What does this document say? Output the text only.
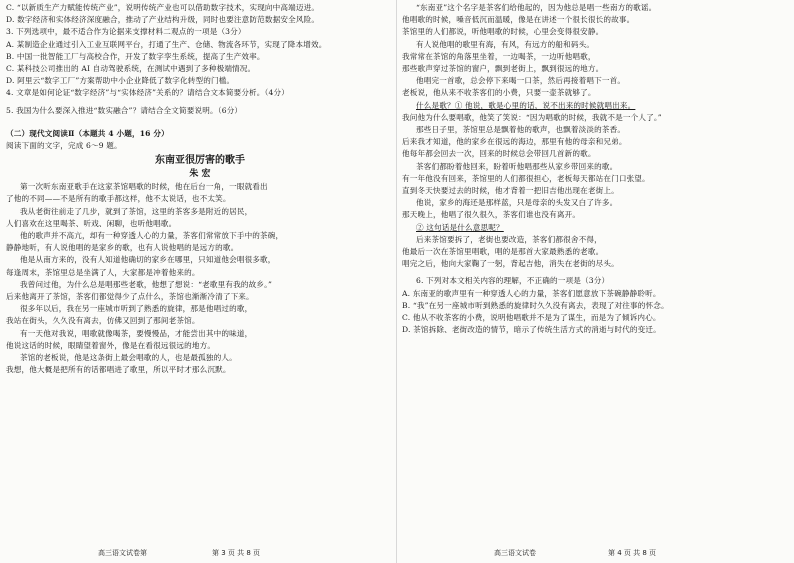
C. “以新质生产力赋能传统产业”，说明传统产业也可以借助数字技术，实现向中高端迈进。

D. 数字经济和实体经济深度融合，推动了产业结构升级，同时也要注意防范数据安全风险。

3. 下列选项中，最不适合作为论据来支撑材料二观点的一项是（3分）

A. 某制造企业通过引入工业互联网平台，打通了生产、仓储、物流各环节，实现了降本增效。

B. 中国一批智能工厂与高校合作，开发了数字孪生系统，提高了生产效率。

C. 某科技公司推出的 AI 自动驾驶系统，在测试中遇到了多种极端情况。

D. 阿里云“数字工厂”方案帮助中小企业降低了数字化转型的门槛。

4. 文章是如何论证“数字经济”与“实体经济”关系的？请结合文本简要分析。（4分）

5. 我国为什么要深入推进“数实融合”？请结合全文简要说明。（6分）

（二）现代文阅读Ⅱ（本题共 4 小题，16 分）

阅读下面的文字，完成 6～9 题。

东南亚很厉害的歌手

朱 宏

第一次听东南亚歌手在这家茶馆唱歌的时候，他在后台一角，一眼就看出

了他的不同——不是所有的歌手都这样，他不太说话，也不太笑。

我从老街往前走了几步，就到了茶馆，这里的茶客多是附近的居民，

人们喜欢在这里喝茶、听戏、闲聊，也听他唱歌。

他的歌声并不高亢，却有一种穿透人心的力量，茶客们常常放下手中的茶碗，

静静地听，有人说他唱的是家乡的歌，也有人说他唱的是远方的歌。

他是从南方来的，没有人知道他确切的家乡在哪里，只知道他会唱很多歌，

每逢周末，茶馆里总是坐满了人，大家都是冲着他来的。

我曾问过他，为什么总是唱那些老歌，他想了想说：“老歌里有我的故乡。”

后来他离开了茶馆，茶客们都觉得少了点什么，茶馆也渐渐冷清了下来。

很多年以后，我在另一座城市听到了熟悉的旋律，那是他唱过的歌，

我站在街头，久久没有离去，仿佛又回到了那间老茶馆。

有一天他对我说，唱歌就像喝茶，要慢慢品，才能尝出其中的味道，

他说这话的时候，眼睛望着窗外，像是在看很远很远的地方。

茶馆的老板说，他是这条街上最会唱歌的人，也是最孤独的人。

我想，他大概是把所有的话都唱进了歌里，所以平时才那么沉默。

高三语文试卷第	第 3 页 共 8 页

“东南亚”这个名字是茶客们给他起的，因为他总是唱一些南方的歌谣。

他唱歌的时候，嗓音低沉而温暖，像是在讲述一个很长很长的故事。

茶馆里的人们都说，听他唱歌的时候，心里会变得很安静。

有人说他唱的歌里有海，有风，有远方的船和码头。

我常常在茶馆的角落里坐着，一边喝茶，一边听他唱歌，

那些歌声穿过茶馆的窗户，飘到老街上，飘到很远的地方。

他唱完一首歌，总会停下来喝一口茶，然后再接着唱下一首。

老板说，他从来不收茶客们的小费，只要一壶茶就够了。

什么是歌？① 他说，歌是心里的话，说不出来的时候就唱出来。

我问他为什么要唱歌，他笑了笑说：“因为唱歌的时候，我就不是一个人了。”

那些日子里，茶馆里总是飘着他的歌声，也飘着淡淡的茶香。

后来我才知道，他的家乡在很远的海边，那里有他的母亲和兄弟。

他每年都会回去一次，回来的时候总会带回几首新的歌。

茶客们都盼着他回来，盼着听他唱那些从家乡带回来的歌。

有一年他没有回来，茶馆里的人们都很担心，老板每天都站在门口张望。

直到冬天快要过去的时候，他才背着一把旧吉他出现在老街上。

他说，家乡的海还是那样蓝，只是母亲的头发又白了许多。

那天晚上，他唱了很久很久，茶客们谁也没有离开。

② 这句话是什么意思呢？

后来茶馆要拆了，老街也要改造，茶客们都很舍不得，

他最后一次在茶馆里唱歌，唱的是那首大家最熟悉的老歌。

唱完之后，他向大家鞠了一躬，背起吉他，消失在老街的尽头。

6. 下列对本文相关内容的理解，不正确的一项是（3分）

A. 东南亚的歌声里有一种穿透人心的力量，茶客们愿意放下茶碗静静聆听。

B. “我”在另一座城市听到熟悉的旋律时久久没有离去，表现了对往事的怀念。

C. 他从不收茶客的小费，说明他唱歌并不是为了谋生，而是为了倾诉内心。

D. 茶馆拆除、老街改造的情节，暗示了传统生活方式的消逝与时代的变迁。

高三语文试卷	第 4 页 共 8 页
